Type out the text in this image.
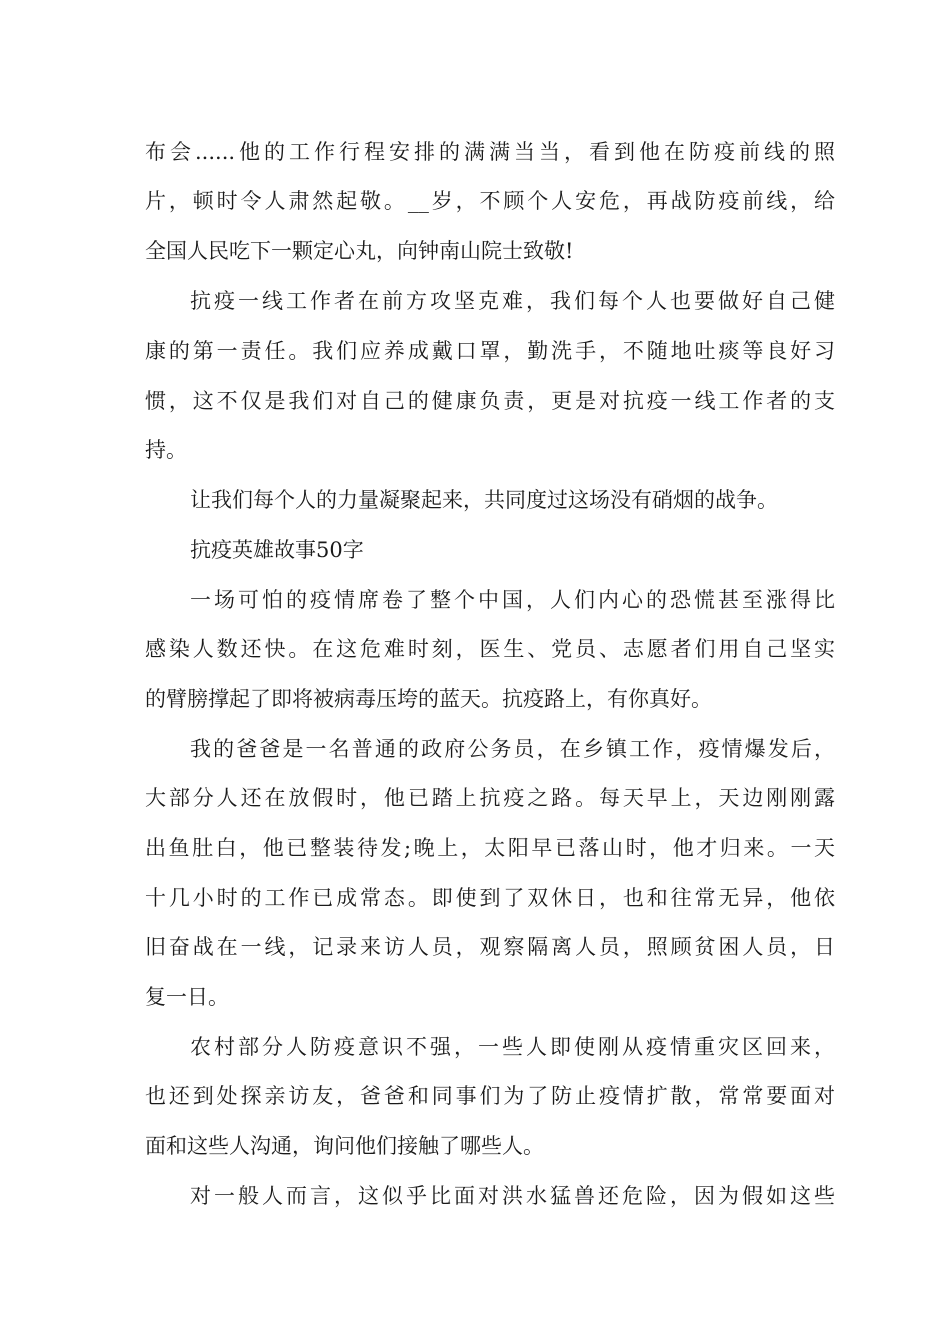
布会......他的工作行程安排的满满当当，看到他在防疫前线的照
片，顿时令人肃然起敬。__岁，不顾个人安危，再战防疫前线，给
全国人民吃下一颗定心丸，向钟南山院士致敬!
抗疫一线工作者在前方攻坚克难，我们每个人也要做好自己健
康的第一责任。我们应养成戴口罩，勤洗手，不随地吐痰等良好习
惯，这不仅是我们对自己的健康负责，更是对抗疫一线工作者的支
持。
让我们每个人的力量凝聚起来，共同度过这场没有硝烟的战争。
抗疫英雄故事50字
一场可怕的疫情席卷了整个中国，人们内心的恐慌甚至涨得比
感染人数还快。在这危难时刻，医生、党员、志愿者们用自己坚实
的臂膀撑起了即将被病毒压垮的蓝天。抗疫路上，有你真好。
我的爸爸是一名普通的政府公务员，在乡镇工作，疫情爆发后，
大部分人还在放假时，他已踏上抗疫之路。每天早上，天边刚刚露
出鱼肚白，他已整装待发;晚上，太阳早已落山时，他才归来。一天
十几小时的工作已成常态。即使到了双休日，也和往常无异，他依
旧奋战在一线，记录来访人员，观察隔离人员，照顾贫困人员，日
复一日。
农村部分人防疫意识不强，一些人即使刚从疫情重灾区回来，
也还到处探亲访友，爸爸和同事们为了防止疫情扩散，常常要面对
面和这些人沟通，询问他们接触了哪些人。
对一般人而言，这似乎比面对洪水猛兽还危险，因为假如这些
